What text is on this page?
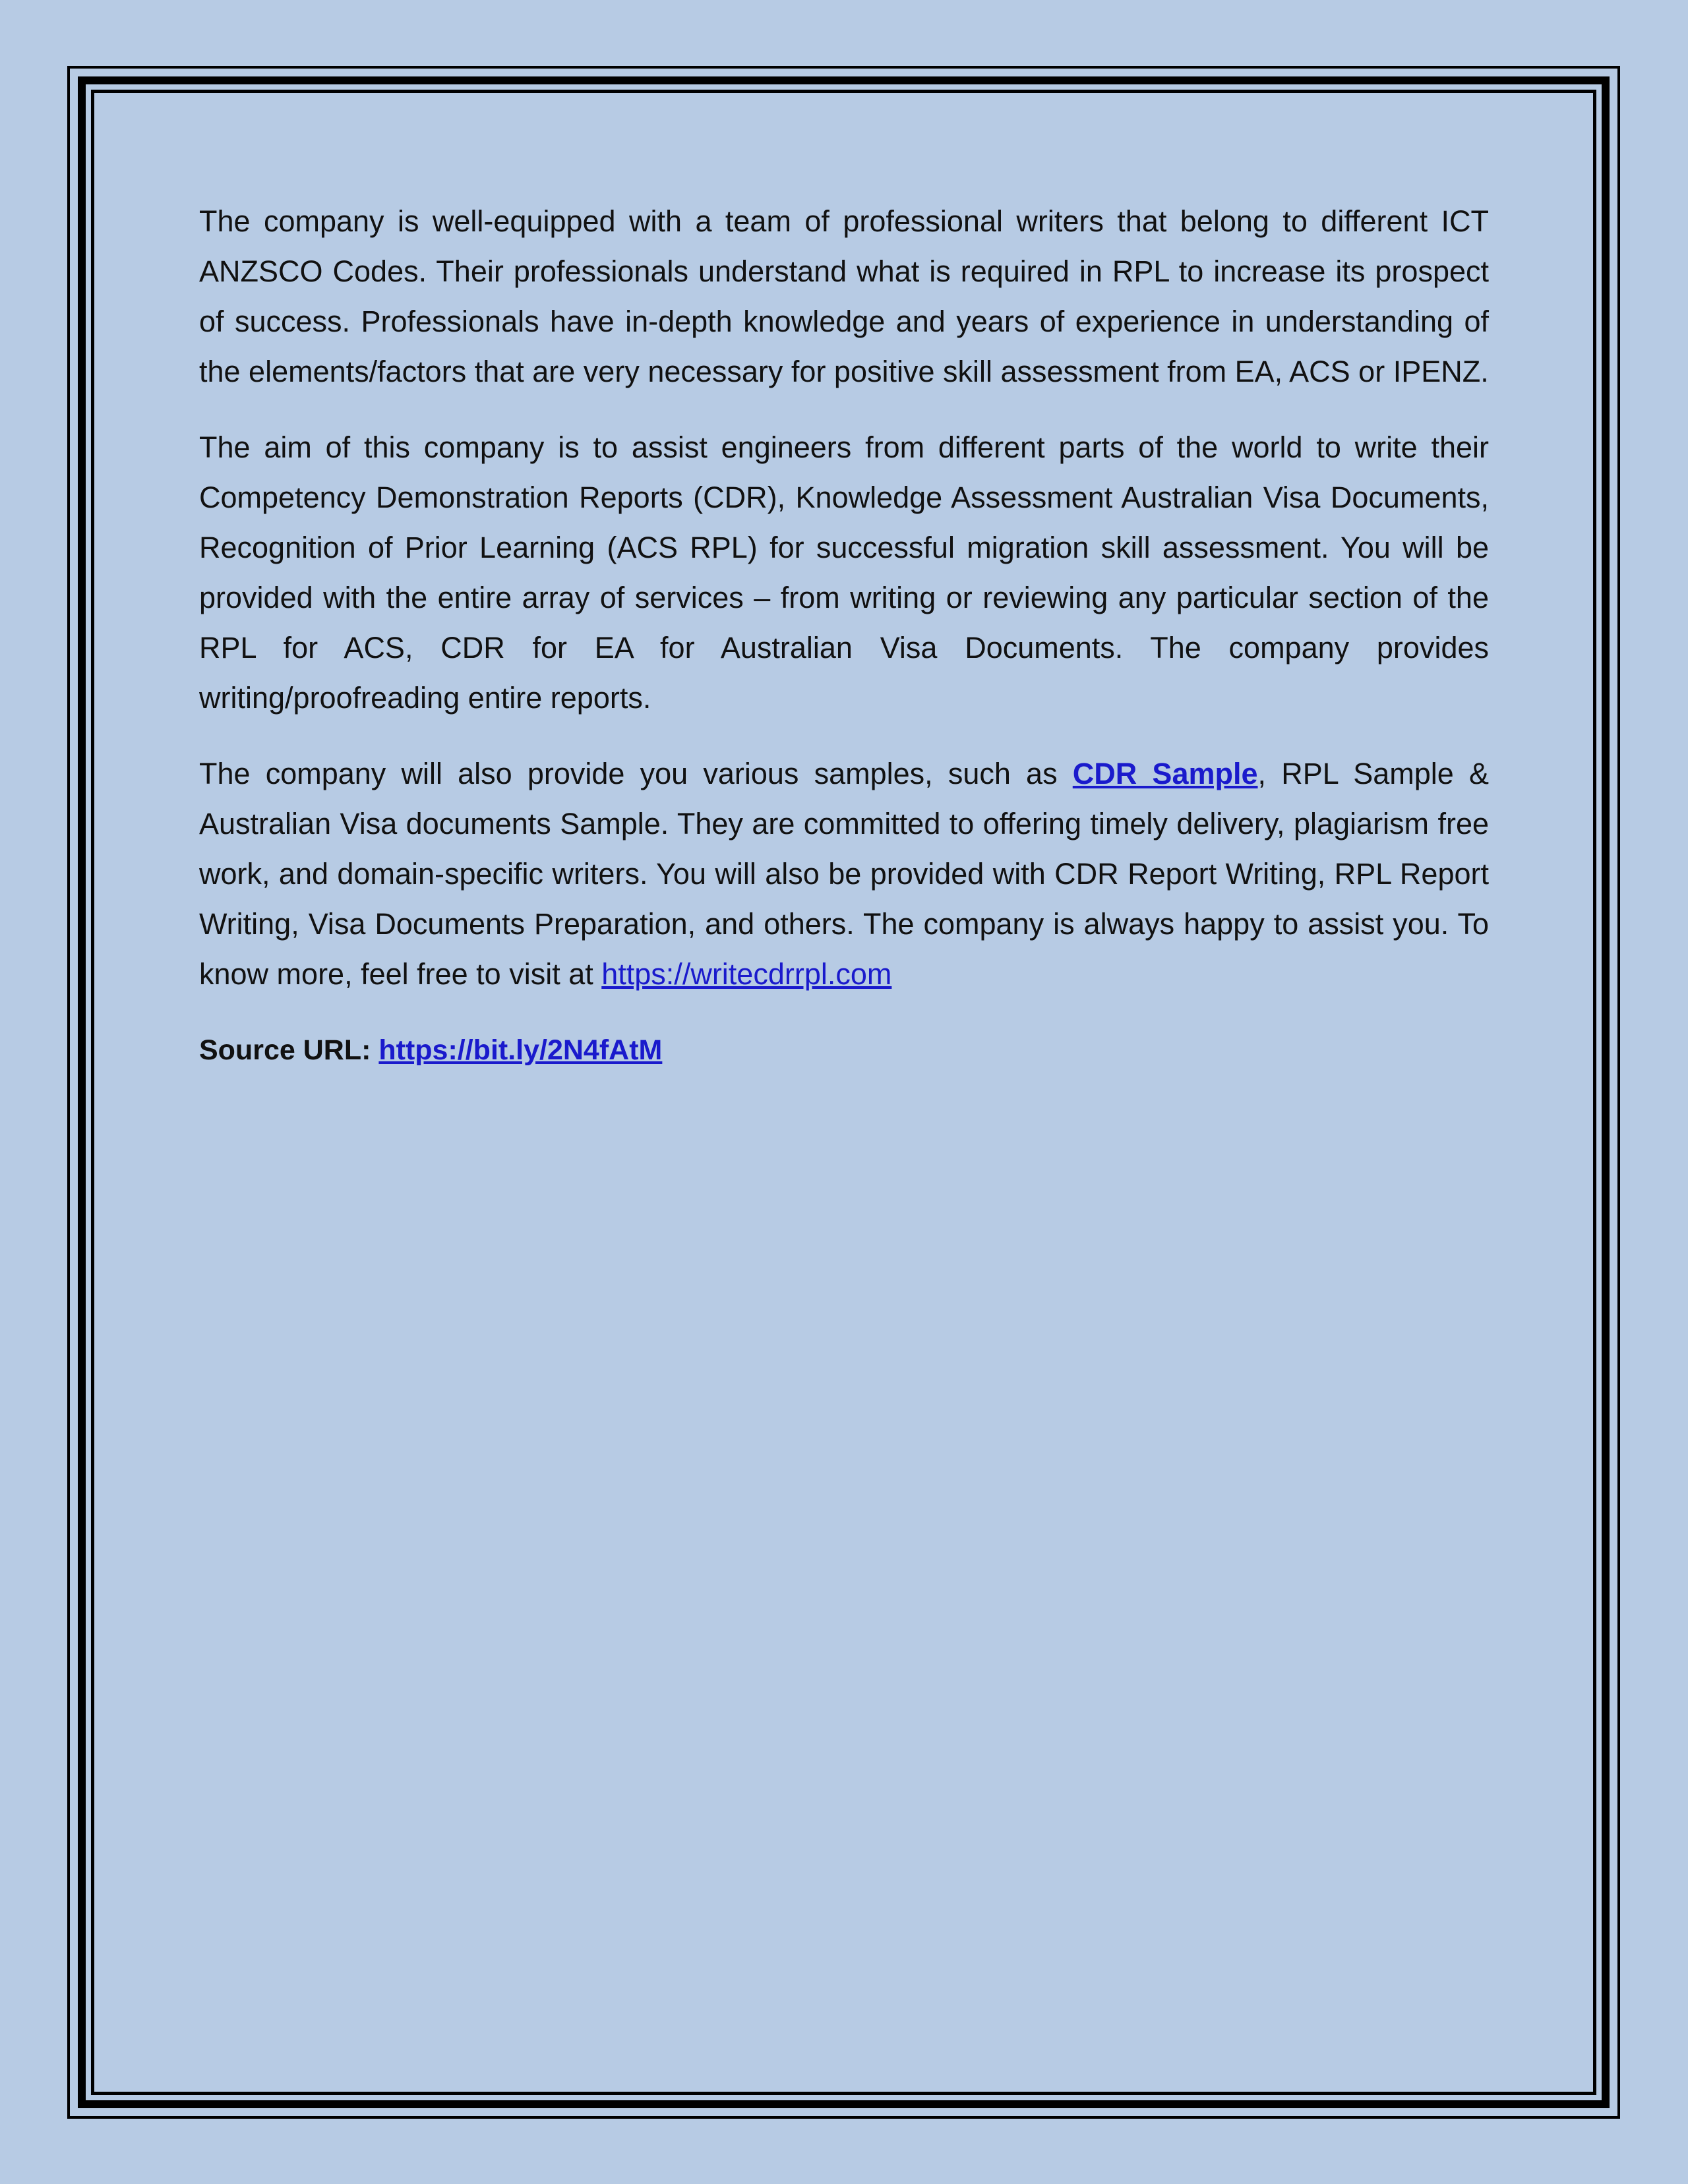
The company is well-equipped with a team of professional writers that belong to different ICT ANZSCO Codes. Their professionals understand what is required in RPL to increase its prospect of success. Professionals have in-depth knowledge and years of experience in understanding of the elements/factors that are very necessary for positive skill assessment from EA, ACS or IPENZ.

The aim of this company is to assist engineers from different parts of the world to write their Competency Demonstration Reports (CDR), Knowledge Assessment Australian Visa Documents, Recognition of Prior Learning (ACS RPL) for successful migration skill assessment. You will be provided with the entire array of services – from writing or reviewing any particular section of the RPL for ACS, CDR for EA for Australian Visa Documents. The company provides writing/proofreading entire reports.

The company will also provide you various samples, such as CDR Sample, RPL Sample & Australian Visa documents Sample. They are committed to offering timely delivery, plagiarism free work, and domain-specific writers. You will also be provided with CDR Report Writing, RPL Report Writing, Visa Documents Preparation, and others. The company is always happy to assist you. To know more, feel free to visit at https://writecdrrpl.com

Source URL: https://bit.ly/2N4fAtM
